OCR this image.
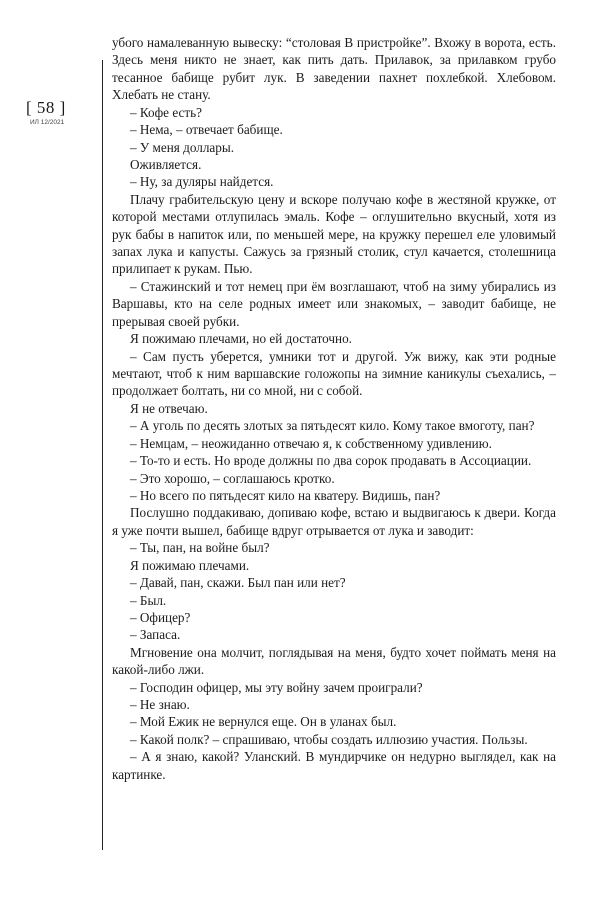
[ 58 ]
ИЛ 12/2021

убого намалеванную вывеску: “столовая В пристройке”. Вхожу в ворота, есть. Здесь меня никто не знает, как пить дать. Прилавок, за прилавком грубо тесанное бабище рубит лук. В заведении пахнет похлебкой. Хлебовом. Хлебать не стану.

– Кофе есть?

– Нема, – отвечает бабище.

– У меня доллары.

Оживляется.

– Ну, за дуляры найдется.

Плачу грабительскую цену и вскоре получаю кофе в жестяной кружке, от которой местами отлупилась эмаль. Кофе – оглушительно вкусный, хотя из рук бабы в напиток или, по меньшей мере, на кружку перешел еле уловимый запах лука и капусты. Сажусь за грязный столик, стул качается, столешница прилипает к рукам. Пью.

– Стажинский и тот немец при ём возглашают, чтоб на зиму убирались из Варшавы, кто на селе родных имеет или знакомых, – заводит бабище, не прерывая своей рубки.

Я пожимаю плечами, но ей достаточно.

– Сам пусть уберется, умники тот и другой. Уж вижу, как эти родные мечтают, чтоб к ним варшавские голожопы на зимние каникулы съехались, – продолжает болтать, ни со мной, ни с собой.

Я не отвечаю.

– А уголь по десять злотых за пятьдесят кило. Кому такое вмоготу, пан?

– Немцам, – неожиданно отвечаю я, к собственному удивлению.

– То-то и есть. Но вроде должны по два сорок продавать в Ассоциации.

– Это хорошо, – соглашаюсь кротко.

– Но всего по пятьдесят кило на кватеру. Видишь, пан?

Послушно поддакиваю, допиваю кофе, встаю и выдвигаюсь к двери. Когда я уже почти вышел, бабище вдруг отрывается от лука и заводит:

– Ты, пан, на войне был?

Я пожимаю плечами.

– Давай, пан, скажи. Был пан или нет?

– Был.

– Офицер?

– Запаса.

Мгновение она молчит, поглядывая на меня, будто хочет поймать меня на какой-либо лжи.

– Господин офицер, мы эту войну зачем проиграли?

– Не знаю.

– Мой Ежик не вернулся еще. Он в уланах был.

– Какой полк? – спрашиваю, чтобы создать иллюзию участия. Пользы.

– А я знаю, какой? Уланский. В мундирчике он недурно выглядел, как на картинке.
